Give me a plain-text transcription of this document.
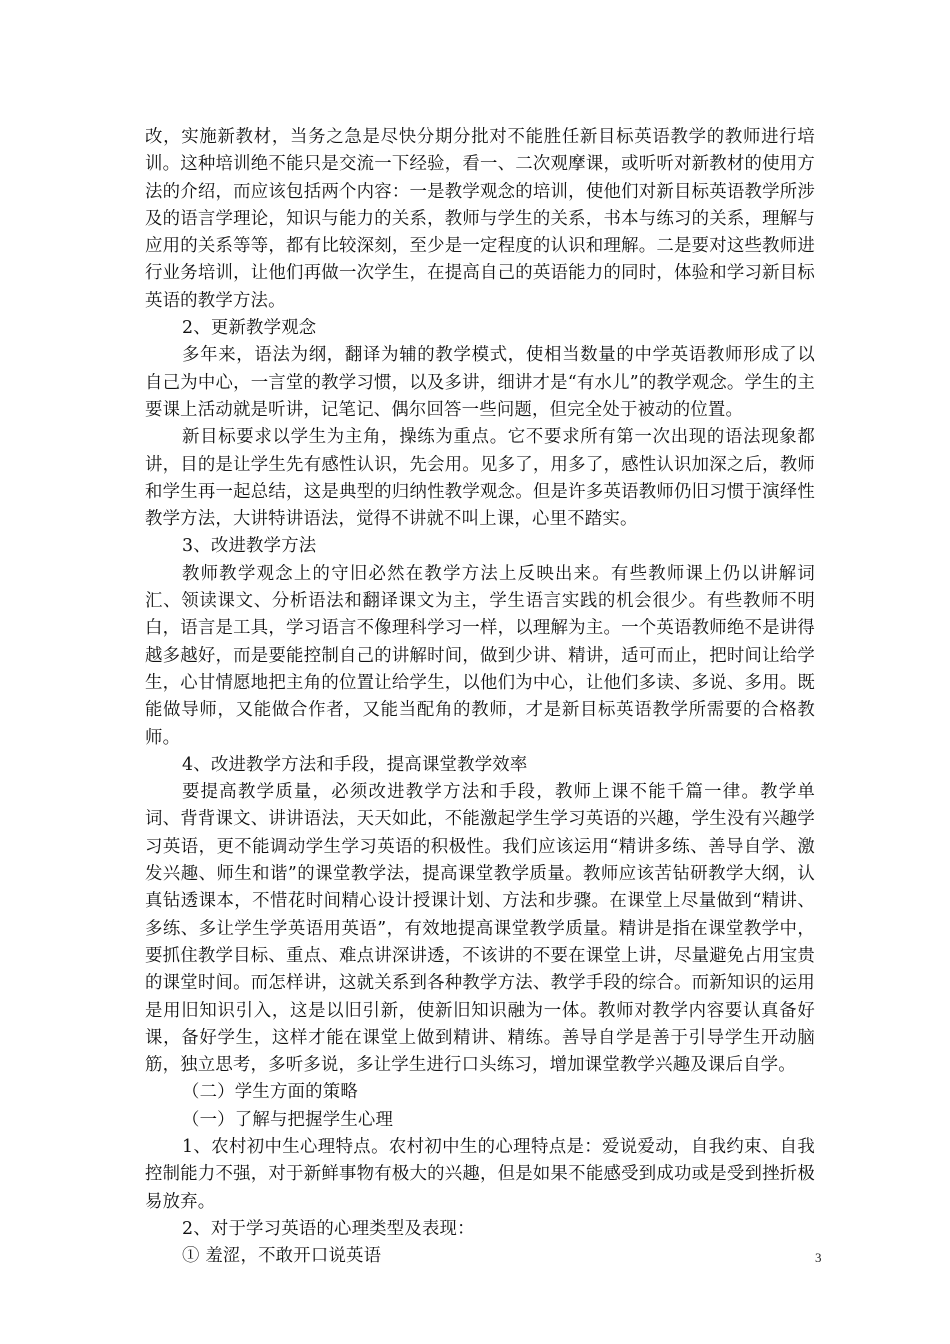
改，实施新教材，当务之急是尽快分期分批对不能胜任新目标英语教学的教师进行培训。这种培训绝不能只是交流一下经验，看一、二次观摩课，或听听对新教材的使用方法的介绍，而应该包括两个内容：一是教学观念的培训，使他们对新目标英语教学所涉及的语言学理论，知识与能力的关系，教师与学生的关系，书本与练习的关系，理解与应用的关系等等，都有比较深刻，至少是一定程度的认识和理解。二是要对这些教师进行业务培训，让他们再做一次学生，在提高自己的英语能力的同时，体验和学习新目标英语的教学方法。

2、更新教学观念

多年来，语法为纲，翻译为辅的教学模式，使相当数量的中学英语教师形成了以自己为中心，一言堂的教学习惯，以及多讲，细讲才是“有水儿”的教学观念。学生的主要课上活动就是听讲，记笔记、偶尔回答一些问题，但完全处于被动的位置。

新目标要求以学生为主角，操练为重点。它不要求所有第一次出现的语法现象都讲，目的是让学生先有感性认识，先会用。见多了，用多了，感性认识加深之后，教师和学生再一起总结，这是典型的归纳性教学观念。但是许多英语教师仍旧习惯于演绎性教学方法，大讲特讲语法，觉得不讲就不叫上课，心里不踏实。

3、改进教学方法

教师教学观念上的守旧必然在教学方法上反映出来。有些教师课上仍以讲解词汇、领读课文、分析语法和翻译课文为主，学生语言实践的机会很少。有些教师不明白，语言是工具，学习语言不像理科学习一样，以理解为主。一个英语教师绝不是讲得越多越好，而是要能控制自己的讲解时间，做到少讲、精讲，适可而止，把时间让给学生，心甘情愿地把主角的位置让给学生，以他们为中心，让他们多读、多说、多用。既能做导师，又能做合作者，又能当配角的教师，才是新目标英语教学所需要的合格教师。

4、改进教学方法和手段，提高课堂教学效率

要提高教学质量，必须改进教学方法和手段，教师上课不能千篇一律。教学单词、背背课文、讲讲语法，天天如此，不能激起学生学习英语的兴趣，学生没有兴趣学习英语，更不能调动学生学习英语的积极性。我们应该运用“精讲多练、善导自学、激发兴趣、师生和谐”的课堂教学法，提高课堂教学质量。教师应该苦钻研教学大纲，认真钻透课本，不惜花时间精心设计授课计划、方法和步骤。在课堂上尽量做到“精讲、多练、多让学生学英语用英语”，有效地提高课堂教学质量。精讲是指在课堂教学中，要抓住教学目标、重点、难点讲深讲透，不该讲的不要在课堂上讲，尽量避免占用宝贵的课堂时间。而怎样讲，这就关系到各种教学方法、教学手段的综合。而新知识的运用是用旧知识引入，这是以旧引新，使新旧知识融为一体。教师对教学内容要认真备好课，备好学生，这样才能在课堂上做到精讲、精练。善导自学是善于引导学生开动脑筋，独立思考，多听多说，多让学生进行口头练习，增加课堂教学兴趣及课后自学。

（二）学生方面的策略

（一）了解与把握学生心理

1、农村初中生心理特点。农村初中生的心理特点是：爱说爱动，自我约束、自我控制能力不强，对于新鲜事物有极大的兴趣，但是如果不能感受到成功或是受到挫折极易放弃。

2、对于学习英语的心理类型及表现：

① 羞涩，不敢开口说英语	3
